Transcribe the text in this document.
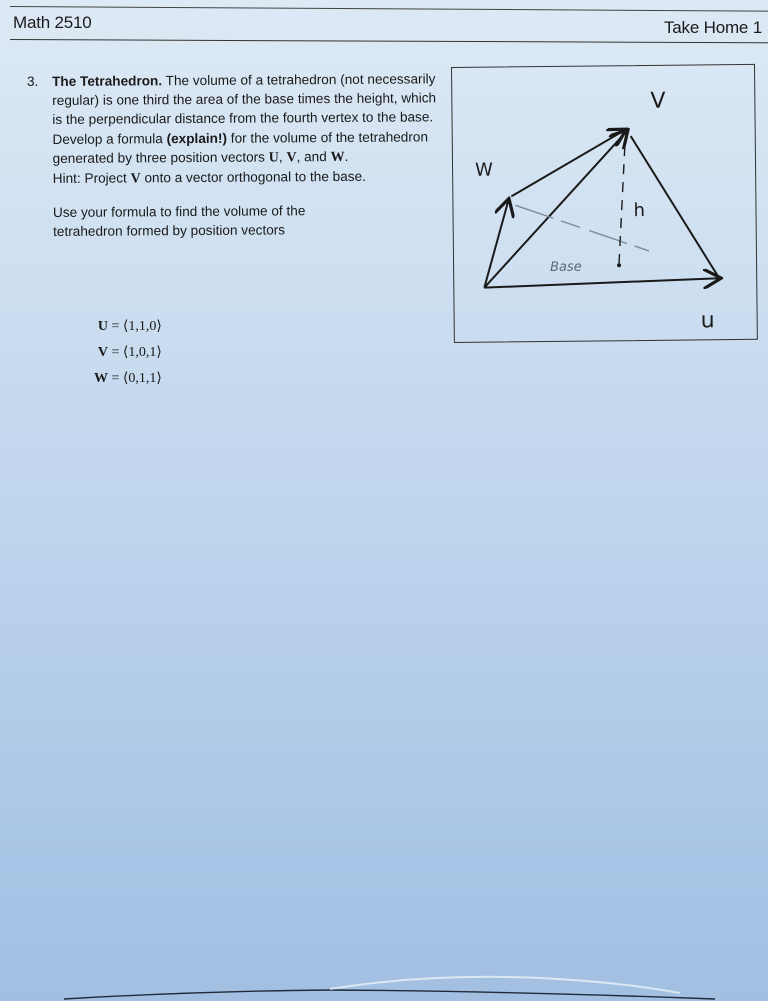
Math 2510	Take Home 1
3. The Tetrahedron. The volume of a tetrahedron (not necessarily regular) is one third the area of the base times the height, which is the perpendicular distance from the fourth vertex to the base. Develop a formula (explain!) for the volume of the tetrahedron generated by three position vectors U, V, and W.
Hint: Project V onto a vector orthogonal to the base.
Use your formula to find the volume of the tetrahedron formed by position vectors
U = ⟨1,1,0⟩
V = ⟨1,0,1⟩
W = ⟨0,1,1⟩
V
W
h
u
Base
